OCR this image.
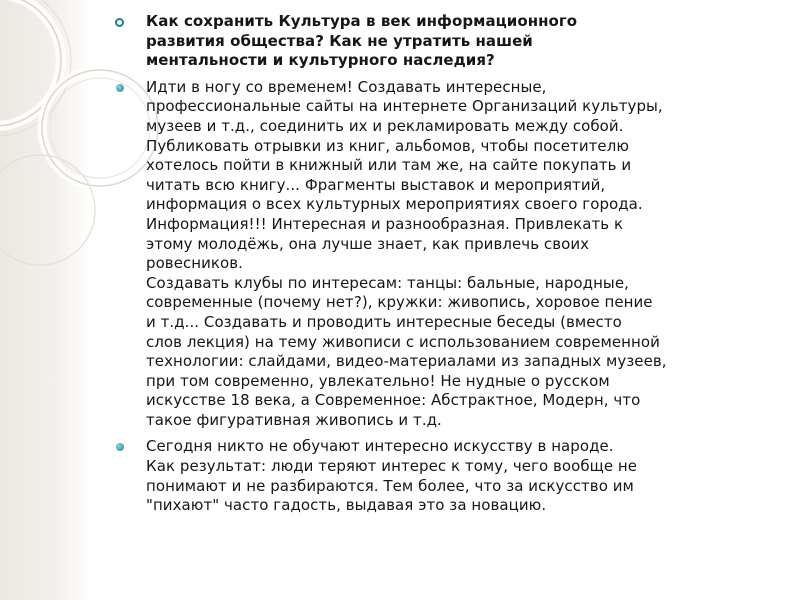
Как сохранить Культура в век информационного
развития общества? Как не утратить нашей
ментальности и культурного наследия?

Идти в ногу со временем! Создавать интересные,
профессиональные сайты на интернете Организаций культуры,
музеев и т.д., соединить их и рекламировать между собой.
Публиковать отрывки из книг, альбомов, чтобы посетителю
хотелось пойти в книжный или там же, на сайте покупать и
читать всю книгу... Фрагменты выставок и мероприятий,
информация о всех культурных мероприятиях своего города.
Информация!!! Интересная и разнообразная. Привлекать к
этому молодёжь, она лучше знает, как привлечь своих
ровесников.
Создавать клубы по интересам: танцы: бальные, народные,
современные (почему нет?), кружки: живопись, хоровое пение
и т.д... Создавать и проводить интересные беседы (вместо
слов лекция) на тему живописи с использованием современной
технологии: слайдами, видео-материалами из западных музеев,
при том современно, увлекательно! Не нудные о русском
искусстве 18 века, а Современное: Абстрактное, Модерн, что
такое фигуративная живопись и т.д.

Сегодня никто не обучают интересно искусству в народе.
Как результат: люди теряют интерес к тому, чего вообще не
понимают и не разбираются. Тем более, что за искусство им
"пихают" часто гадость, выдавая это за новацию.
